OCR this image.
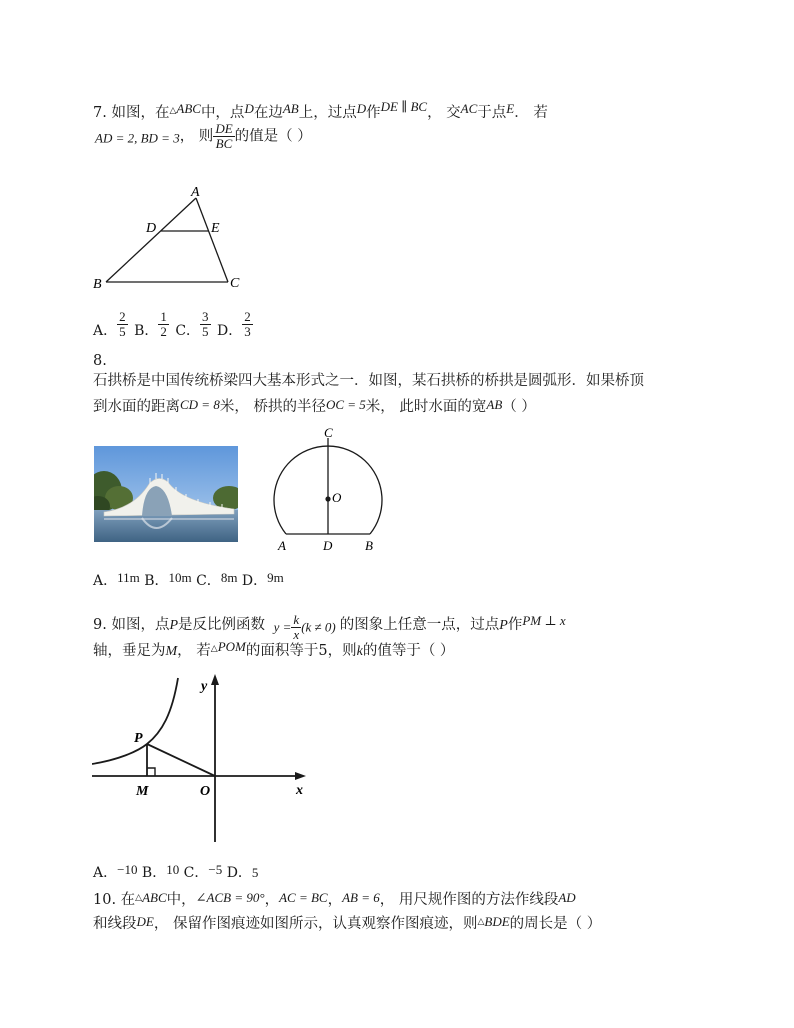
7. 如图，在△ABC中，点D在边AB上，过点D作DE ∥ BC， 交AC于点E． 若
AD = 2, BD = 3， 则 $\frac{DE}{BC}$ 的值是（ ）
A
D	E
B	C
A． $\frac{2}{5}$ B． $\frac{1}{2}$ C． $\frac{3}{5}$ D． $\frac{2}{3}$
8.
石拱桥是中国传统桥梁四大基本形式之一．如图，某石拱桥的桥拱是圆弧形．如果桥顶
到水面的距离CD = 8米， 桥拱的半径OC = 5米， 此时水面的宽AB（ ）
C
O
A	D	B
A．11m B．10m C．8m D．9m
9. 如图，点P是反比例函数 $y = \frac{k}{x} (k \ne 0)$ 的图象上任意一点，过点P作PM ⊥ x
轴，垂足为M， 若△POM的面积等于5，则k的值等于（ ）
P
M	O	x
y
A．−10 B．10 C．−5 D．5
10. 在△ABC中，∠ACB = 90°，AC = BC，AB = 6， 用尺规作图的方法作线段AD
和线段DE， 保留作图痕迹如图所示，认真观察作图痕迹，则△BDE的周长是（ ）
